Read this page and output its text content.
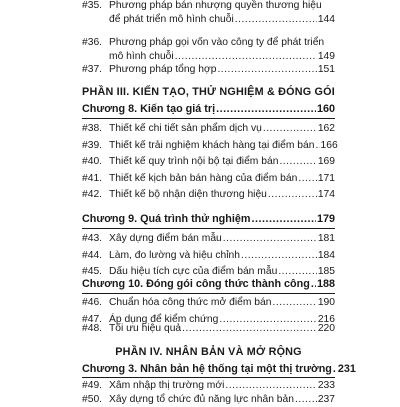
#35. Phương pháp bán nhượng quyền thương hiệu
để phát triển mô hình chuỗi .....	144
#36. Phương pháp gọi vốn vào công ty để phát triển
mô hình chuỗi .....	149
#37. Phương pháp tổng hợp .....	151
PHẦN III. KIẾN TẠO, THỬ NGHIỆM & ĐÓNG GÓI
Chương 8. Kiến tạo giá trị .....	160
#38. Thiết kế chi tiết sản phẩm dịch vụ .....	162
#39. Thiết kế trải nghiệm khách hàng tại điểm bán ..... 166
#40. Thiết kế quy trình nội bộ tại điểm bán .....	169
#41. Thiết kế kịch bản bán hàng của điểm bán ..... 171
#42. Thiết kế bộ nhận diện thương hiệu .....	174
Chương 9. Quá trình thử nghiệm .....	179
#43. Xây dựng điểm bán mẫu .....	181
#44. Làm, đo lường và hiệu chỉnh .....	184
#45. Dấu hiệu tích cực của điểm bán mẫu .....	185
Chương 10. Đóng gói công thức thành công ..... 188
#46. Chuẩn hóa công thức mở điểm bán .....	190
#47. Áp dụng để kiểm chứng .....	216
#48. Tối ưu hiệu quả .....	220
PHẦN IV. NHÂN BẢN VÀ MỞ RỘNG
Chương 3. Nhân bản hệ thống tại một thị trường ..... 231
#49. Xâm nhập thị trường mới .....	233
#50. Xây dựng tổ chức đủ năng lực nhân bản ..... 237
